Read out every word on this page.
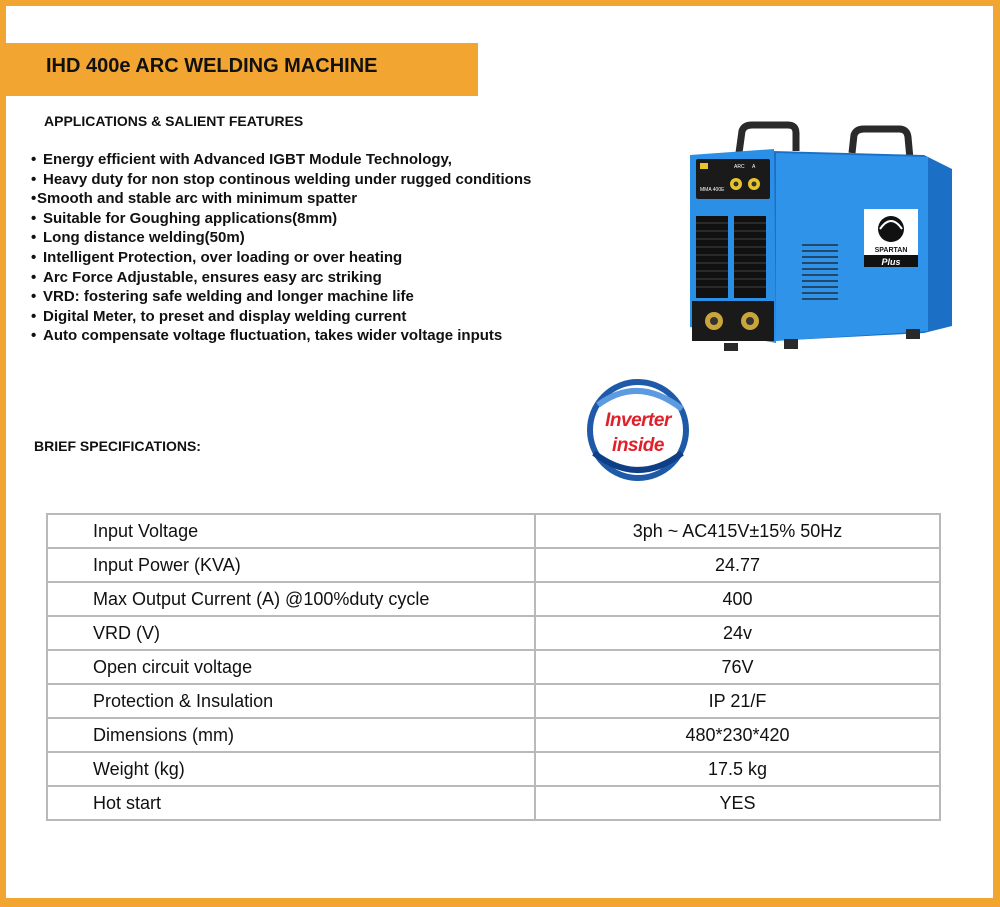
IHD 400e ARC WELDING MACHINE
APPLICATIONS & SALIENT FEATURES
• Energy efficient with Advanced IGBT Module Technology,
• Heavy duty for non stop continous welding under rugged conditions
•Smooth and stable arc with minimum spatter
• Suitable for Goughing applications(8mm)
• Long distance welding(50m)
• Intelligent Protection, over loading or over heating
• Arc Force Adjustable, ensures easy arc striking
• VRD: fostering safe welding and longer machine life
• Digital Meter, to preset and display welding current
• Auto compensate voltage fluctuation, takes wider voltage inputs
ARC A
MMA 400E
SPARTAN
Plus
BRIEF SPECIFICATIONS:
Inverter
inside
Input Voltage	3ph ~ AC415V±15% 50Hz
Input Power (KVA)	24.77
Max Output Current (A) @100%duty cycle	400
VRD (V)	24v
Open circuit voltage	76V
Protection & Insulation	IP 21/F
Dimensions (mm)	480*230*420
Weight (kg)	17.5 kg
Hot start	YES
